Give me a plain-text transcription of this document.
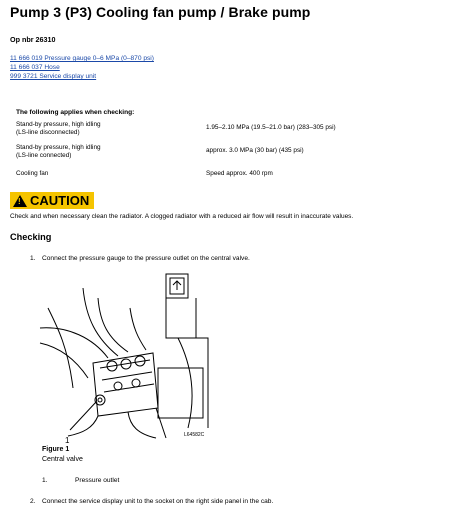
Pump 3 (P3) Cooling fan pump / Brake pump
Op nbr 26310
11 666 019 Pressure gauge 0–6 MPa (0–870 psi)
11 666 037 Hose
999 3721 Service display unit
The following applies when checking:
Stand-by pressure, high idling
(LS-line disconnected)
1.95–2.10 MPa (19.5–21.0 bar) (283–305 psi)
Stand-by pressure, high idling
(LS-line connected)
approx. 3.0 MPa (30 bar) (435 psi)
Cooling fan	Speed approx. 400 rpm
!
CAUTION
Check and when necessary clean the radiator. A clogged radiator with a reduced air flow will result in inaccurate values.
Checking
1. Connect the pressure gauge to the pressure outlet on the central valve.
1
L64582C
Figure 1
Central valve
1.	Pressure outlet
2. Connect the service display unit to the socket on the right side panel in the cab.
